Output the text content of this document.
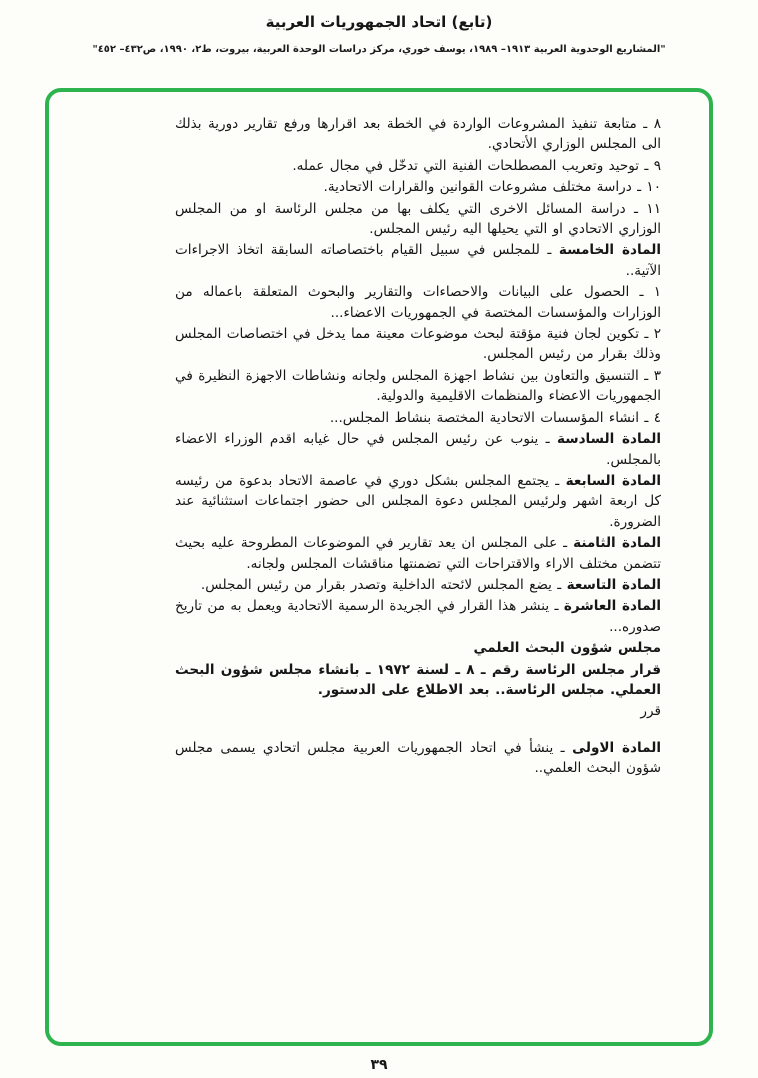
(تابع) اتحاد الجمهوريات العربية
"المشاريع الوحدوية العربية ١٩١٣– ١٩٨٩، يوسف خوري، مركز دراسات الوحدة العربية، بيروت، ط٢، ١٩٩٠، ص٤٣٢– ٤٥٢"
٨ ـ متابعة تنفيذ المشروعات الواردة في الخطة بعد اقرارها ورفع تقارير دورية بذلك الى المجلس الوزاري الأتحادي.
٩ ـ توحيد وتعريب المصطلحات الفنية التي تدخّل في مجال عمله.
١٠ ـ دراسة مختلف مشروعات القوانين والقرارات الاتحادية.
١١ ـ دراسة المسائل الاخرى التي يكلف بها من مجلس الرئاسة او من المجلس الوزاري الاتحادي او التي يحيلها اليه رئيس المجلس.
المادة الخامسة ـ للمجلس في سبيل القيام باختصاصاته السابقة اتخاذ الاجراءات الآتية..
١ ـ الحصول على البيانات والاحصاءات والتقارير والبحوث المتعلقة باعماله من الوزارات والمؤسسات المختصة في الجمهوريات الاعضاء...
٢ ـ تكوين لجان فنية مؤقتة لبحث موضوعات معينة مما يدخل في اختصاصات المجلس وذلك بقرار من رئيس المجلس.
٣ ـ التنسيق والتعاون بين نشاط اجهزة المجلس ولجانه ونشاطات الاجهزة النظيرة في الجمهوريات الاعضاء والمنظمات الاقليمية والدولية.
٤ ـ انشاء المؤسسات الاتحادية المختصة بنشاط المجلس...
المادة السادسة ـ ينوب عن رئيس المجلس في حال غيابه اقدم الوزراء الاعضاء بالمجلس.
المادة السابعة ـ يجتمع المجلس بشكل دوري في عاصمة الاتحاد بدعوة من رئيسه كل اربعة اشهر ولرئيس المجلس دعوة المجلس الى حضور اجتماعات استثنائية عند الضرورة.
المادة الثامنة ـ على المجلس ان يعد تقارير في الموضوعات المطروحة عليه بحيث تتضمن مختلف الاراء والاقتراحات التي تضمنتها مناقشات المجلس ولجانه.
المادة التاسعة ـ يضع المجلس لائحته الداخلية وتصدر بقرار من رئيس المجلس.
المادة العاشرة ـ ينشر هذا القرار في الجريدة الرسمية الاتحادية ويعمل به من تاريخ صدوره...
مجلس شؤون البحث العلمي
قرار مجلس الرئاسة رقم ـ ٨ ـ لسنة ١٩٧٢ ـ بانشاء مجلس شؤون البحث العملي. مجلس الرئاسة.. بعد الاطلاع على الدستور.
قرر
المادة الاولى ـ ينشأ في اتحاد الجمهوريات العربية مجلس اتحادي يسمى مجلس شؤون البحث العلمي..
٣٩
